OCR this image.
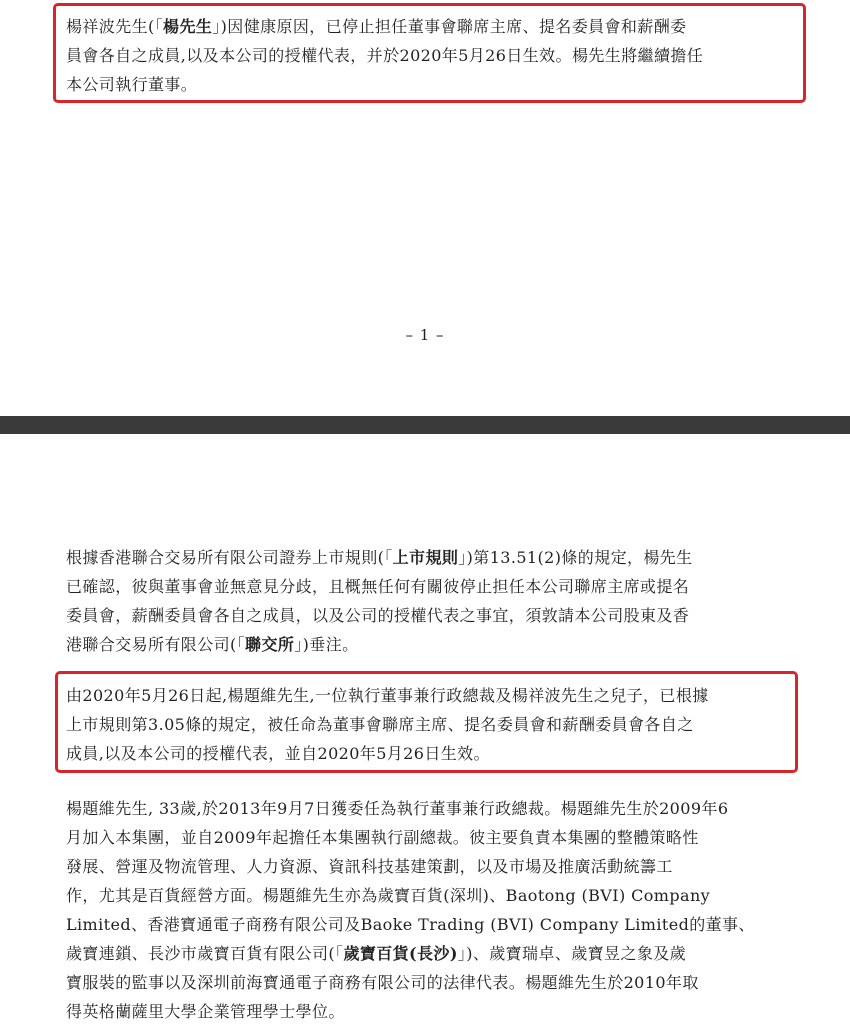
楊祥波先生(「楊先生」)因健康原因，已停止担任董事會聯席主席、提名委員會和薪酬委
員會各自之成員,以及本公司的授權代表，并於2020年5月26日生效。楊先生將繼續擔任
本公司執行董事。
– 1 –
根據香港聯合交易所有限公司證券上市規則(「上市規則」)第13.51(2)條的規定，楊先生
已確認，彼與董事會並無意見分歧，且概無任何有關彼停止担任本公司聯席主席或提名
委員會，薪酬委員會各自之成員，以及公司的授權代表之事宜，須敦請本公司股東及香
港聯合交易所有限公司(「聯交所」)垂注。
由2020年5月26日起,楊題維先生,一位執行董事兼行政總裁及楊祥波先生之兒子，已根據
上市規則第3.05條的規定，被任命為董事會聯席主席、提名委員會和薪酬委員會各自之
成員,以及本公司的授權代表，並自2020年5月26日生效。
楊題維先生, 33歲,於2013年9月7日獲委任為執行董事兼行政總裁。楊題維先生於2009年6
月加入本集團，並自2009年起擔任本集團執行副總裁。彼主要負責本集團的整體策略性
發展、營運及物流管理、人力資源、資訊科技基建策劃，以及市場及推廣活動統籌工
作，尤其是百貨經營方面。楊題維先生亦為歲寶百貨(深圳)、Baotong (BVI) Company
Limited、香港寶通電子商務有限公司及Baoke Trading (BVI) Company Limited的董事、
歲寶連鎖、長沙市歲寶百貨有限公司(「歲寶百貨(長沙)」)、歲寶瑞卓、歲寶昱之象及歲
寶服裝的監事以及深圳前海寶通電子商務有限公司的法律代表。楊題維先生於2010年取
得英格蘭薩里大學企業管理學士學位。
